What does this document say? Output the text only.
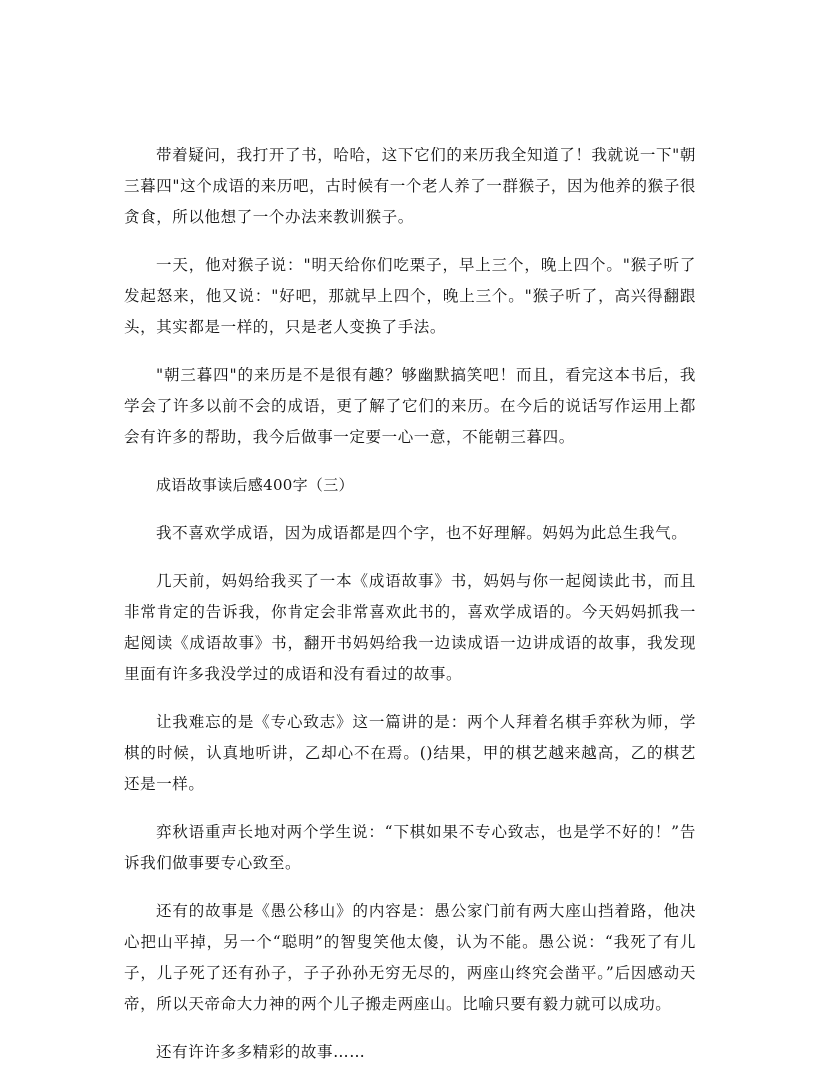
带着疑问，我打开了书，哈哈，这下它们的来历我全知道了！我就说一下"朝三暮四"这个成语的来历吧，古时候有一个老人养了一群猴子，因为他养的猴子很贪食，所以他想了一个办法来教训猴子。

一天，他对猴子说："明天给你们吃栗子，早上三个，晚上四个。"猴子听了发起怒来，他又说："好吧，那就早上四个，晚上三个。"猴子听了，高兴得翻跟头，其实都是一样的，只是老人变换了手法。

"朝三暮四"的来历是不是很有趣？够幽默搞笑吧！而且，看完这本书后，我学会了许多以前不会的成语，更了解了它们的来历。在今后的说话写作运用上都会有许多的帮助，我今后做事一定要一心一意，不能朝三暮四。

成语故事读后感400字（三）

我不喜欢学成语，因为成语都是四个字，也不好理解。妈妈为此总生我气。

几天前，妈妈给我买了一本《成语故事》书，妈妈与你一起阅读此书，而且非常肯定的告诉我，你肯定会非常喜欢此书的，喜欢学成语的。今天妈妈抓我一起阅读《成语故事》书，翻开书妈妈给我一边读成语一边讲成语的故事，我发现里面有许多我没学过的成语和没有看过的故事。

让我难忘的是《专心致志》这一篇讲的是：两个人拜着名棋手弈秋为师，学棋的时候，认真地听讲，乙却心不在焉。()结果，甲的棋艺越来越高，乙的棋艺还是一样。

弈秋语重声长地对两个学生说：“下棋如果不专心致志，也是学不好的！”告诉我们做事要专心致至。

还有的故事是《愚公移山》的内容是：愚公家门前有两大座山挡着路，他决心把山平掉，另一个“聪明”的智叟笑他太傻，认为不能。愚公说：“我死了有儿子，儿子死了还有孙子，子子孙孙无穷无尽的，两座山终究会凿平。”后因感动天帝，所以天帝命大力神的两个儿子搬走两座山。比喻只要有毅力就可以成功。

还有许许多多精彩的故事……
